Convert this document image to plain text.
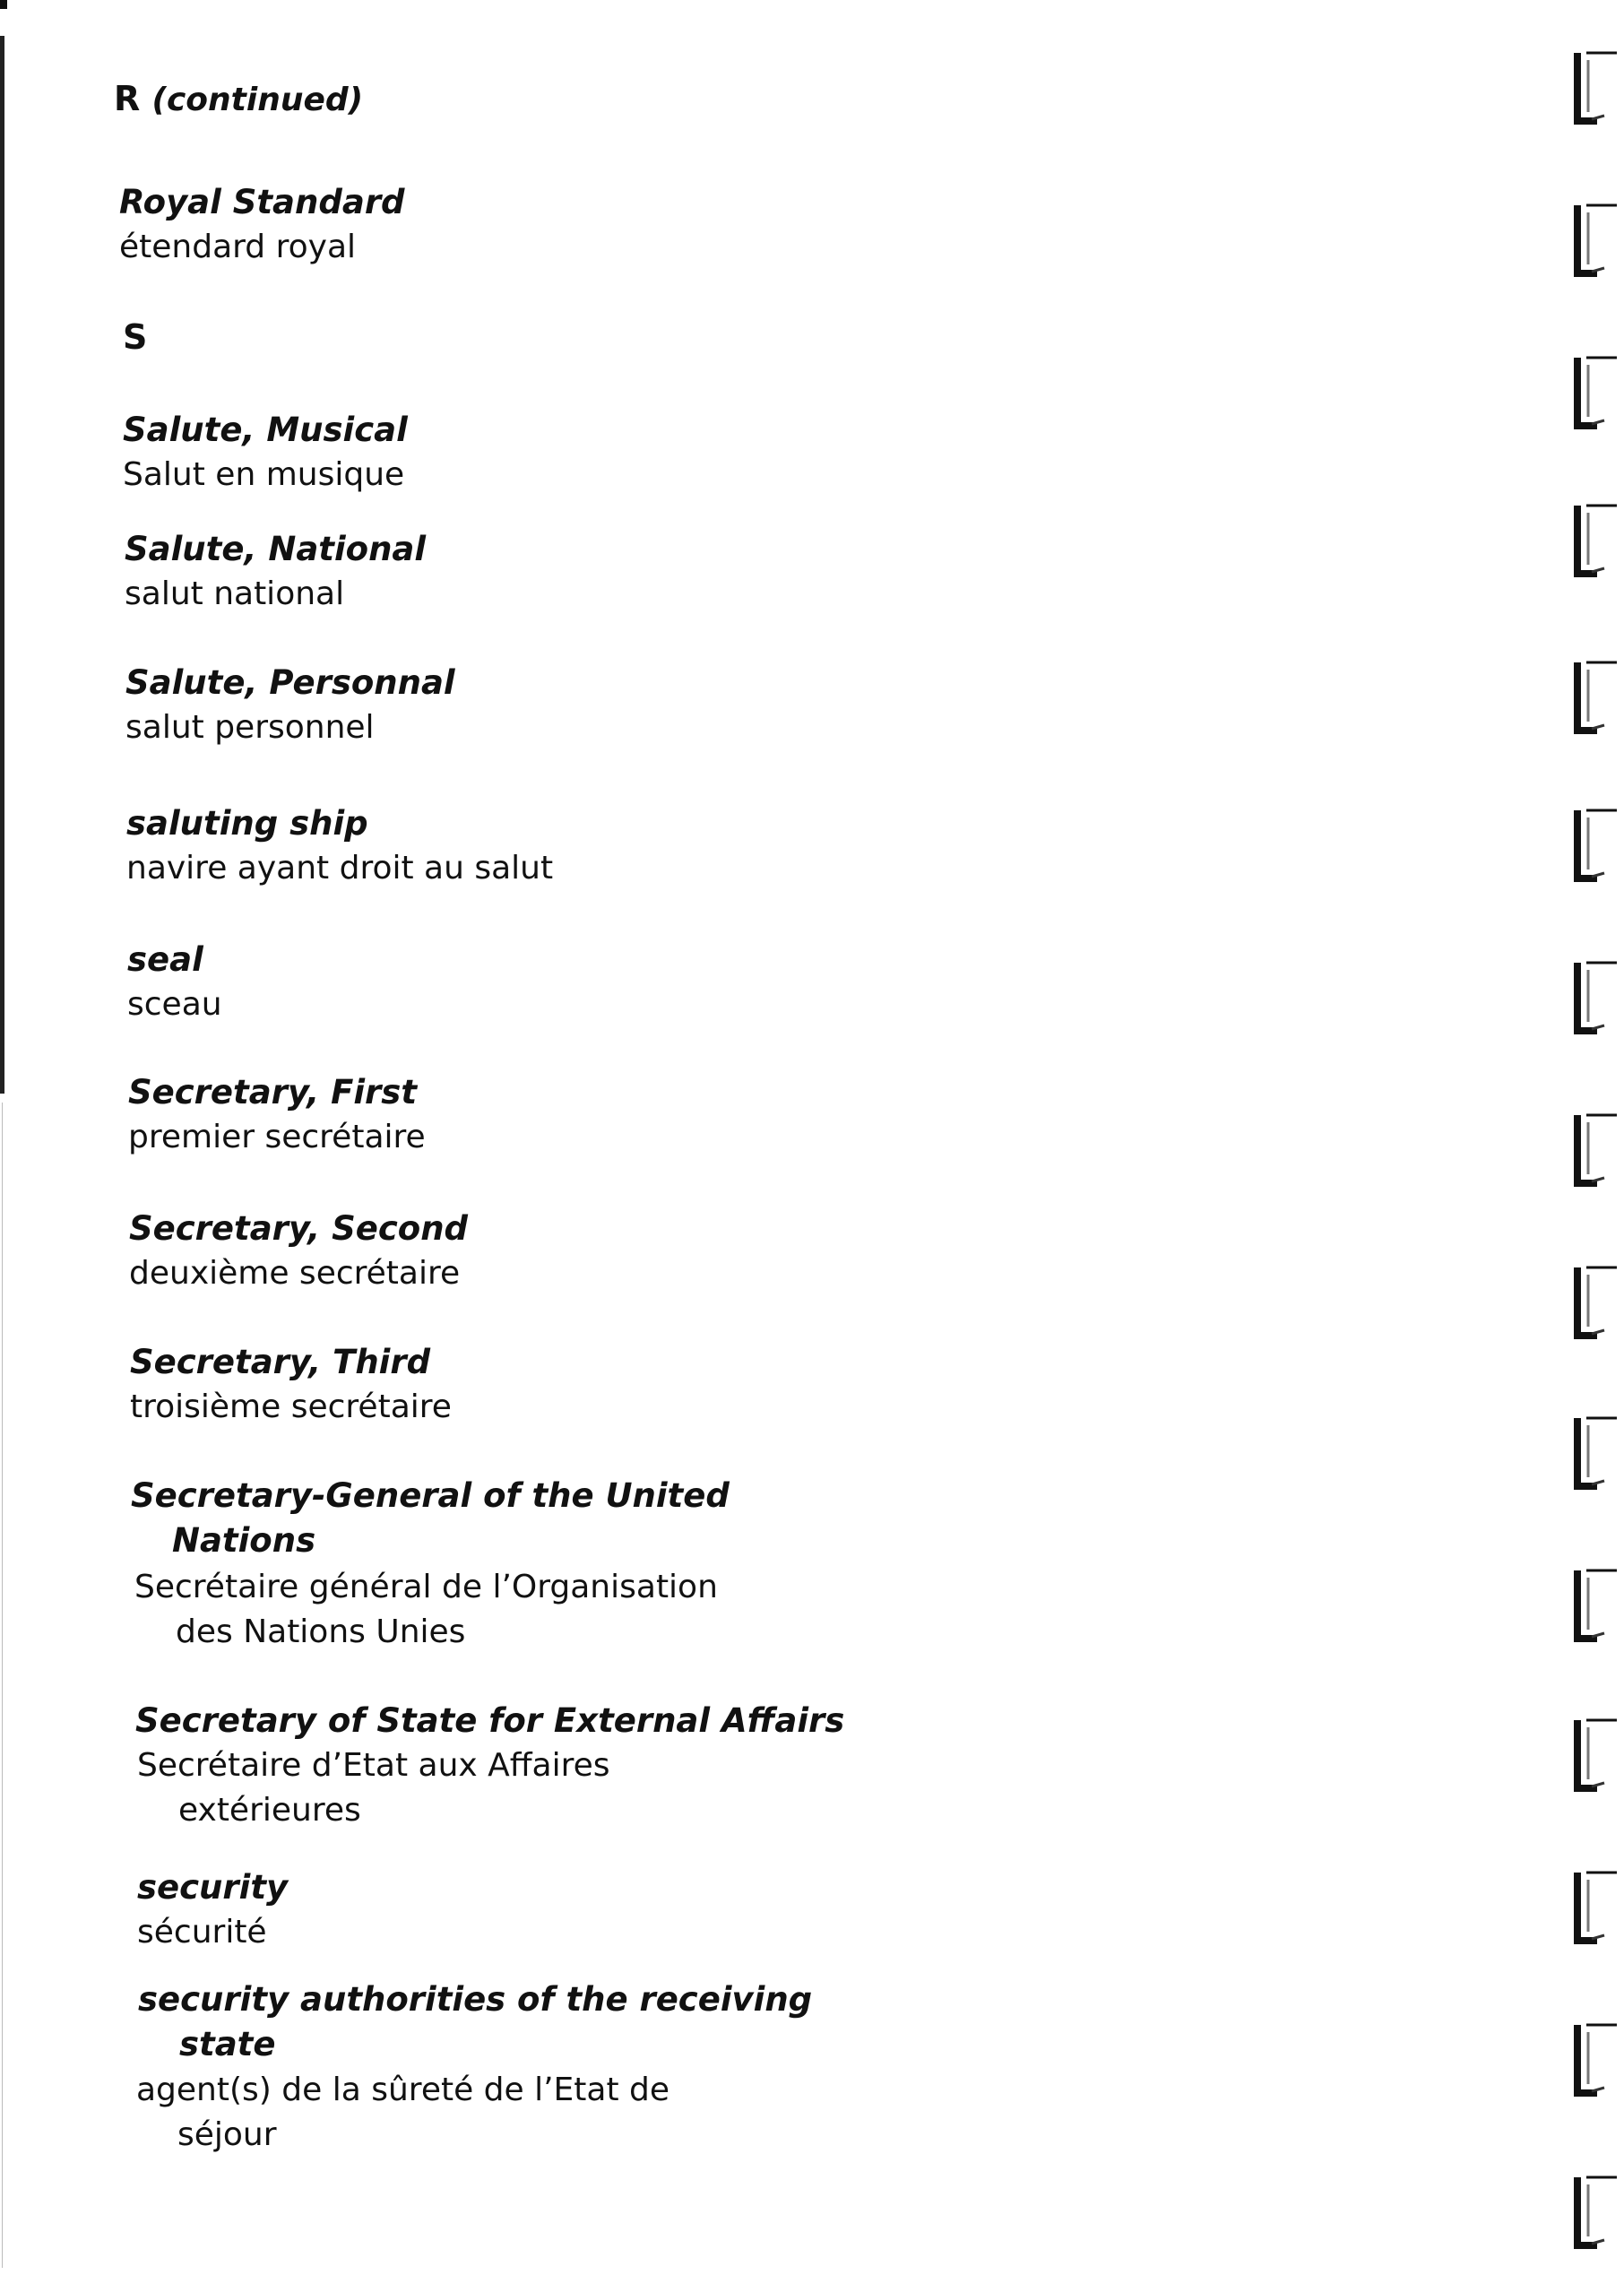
R (continued)
Royal Standard
étendard royal
S
Salute, Musical
Salut en musique
Salute, National
salut national
Salute, Personnal
salut personnel
saluting ship
navire ayant droit au salut
seal
sceau
Secretary, First
premier secrétaire
Secretary, Second
deuxième secrétaire
Secretary, Third
troisième secrétaire
Secretary-General of the United
Nations
Secrétaire général de l’Organisation
des Nations Unies
Secretary of State for External Affairs
Secrétaire d’Etat aux Affaires
extérieures
security
sécurité
security authorities of the receiving
state
agent(s) de la sûreté de l’Etat de
séjour
